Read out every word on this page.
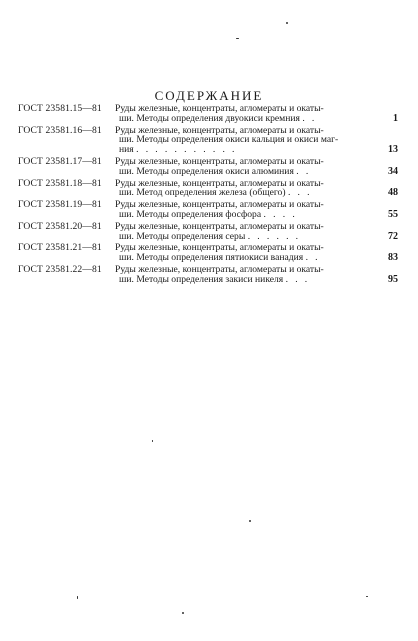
СОДЕРЖАНИЕ
ГОСТ 23581.15—81 Руды железные, концентраты, агломераты и окаты-
ши. Методы определения двуокиси кремния . .	1
ГОСТ 23581.16—81 Руды железные, концентраты, агломераты и окаты-
ши. Методы определения окиси кальция и окиси маг-
ния . . . . . . . . . . .	13
ГОСТ 23581.17—81 Руды железные, концентраты, агломераты и окаты-
ши. Методы определения окиси алюминия . .	34
ГОСТ 23581.18—81 Руды железные, концентраты, агломераты и окаты-
ши. Метод определения железа (общего) . . .	48
ГОСТ 23581.19—81 Руды железные, концентраты, агломераты и окаты-
ши. Методы определения фосфора . . . .	55
ГОСТ 23581.20—81 Руды железные, концентраты, агломераты и окаты-
ши. Методы определения серы . . . . . .	72
ГОСТ 23581.21—81 Руды железные, концентраты, агломераты и окаты-
ши. Методы определения пятиокиси ванадия . .	83
ГОСТ 23581.22—81 Руды железные, концентраты, агломераты и окаты-
ши. Методы определения закиси никеля . . .	95
